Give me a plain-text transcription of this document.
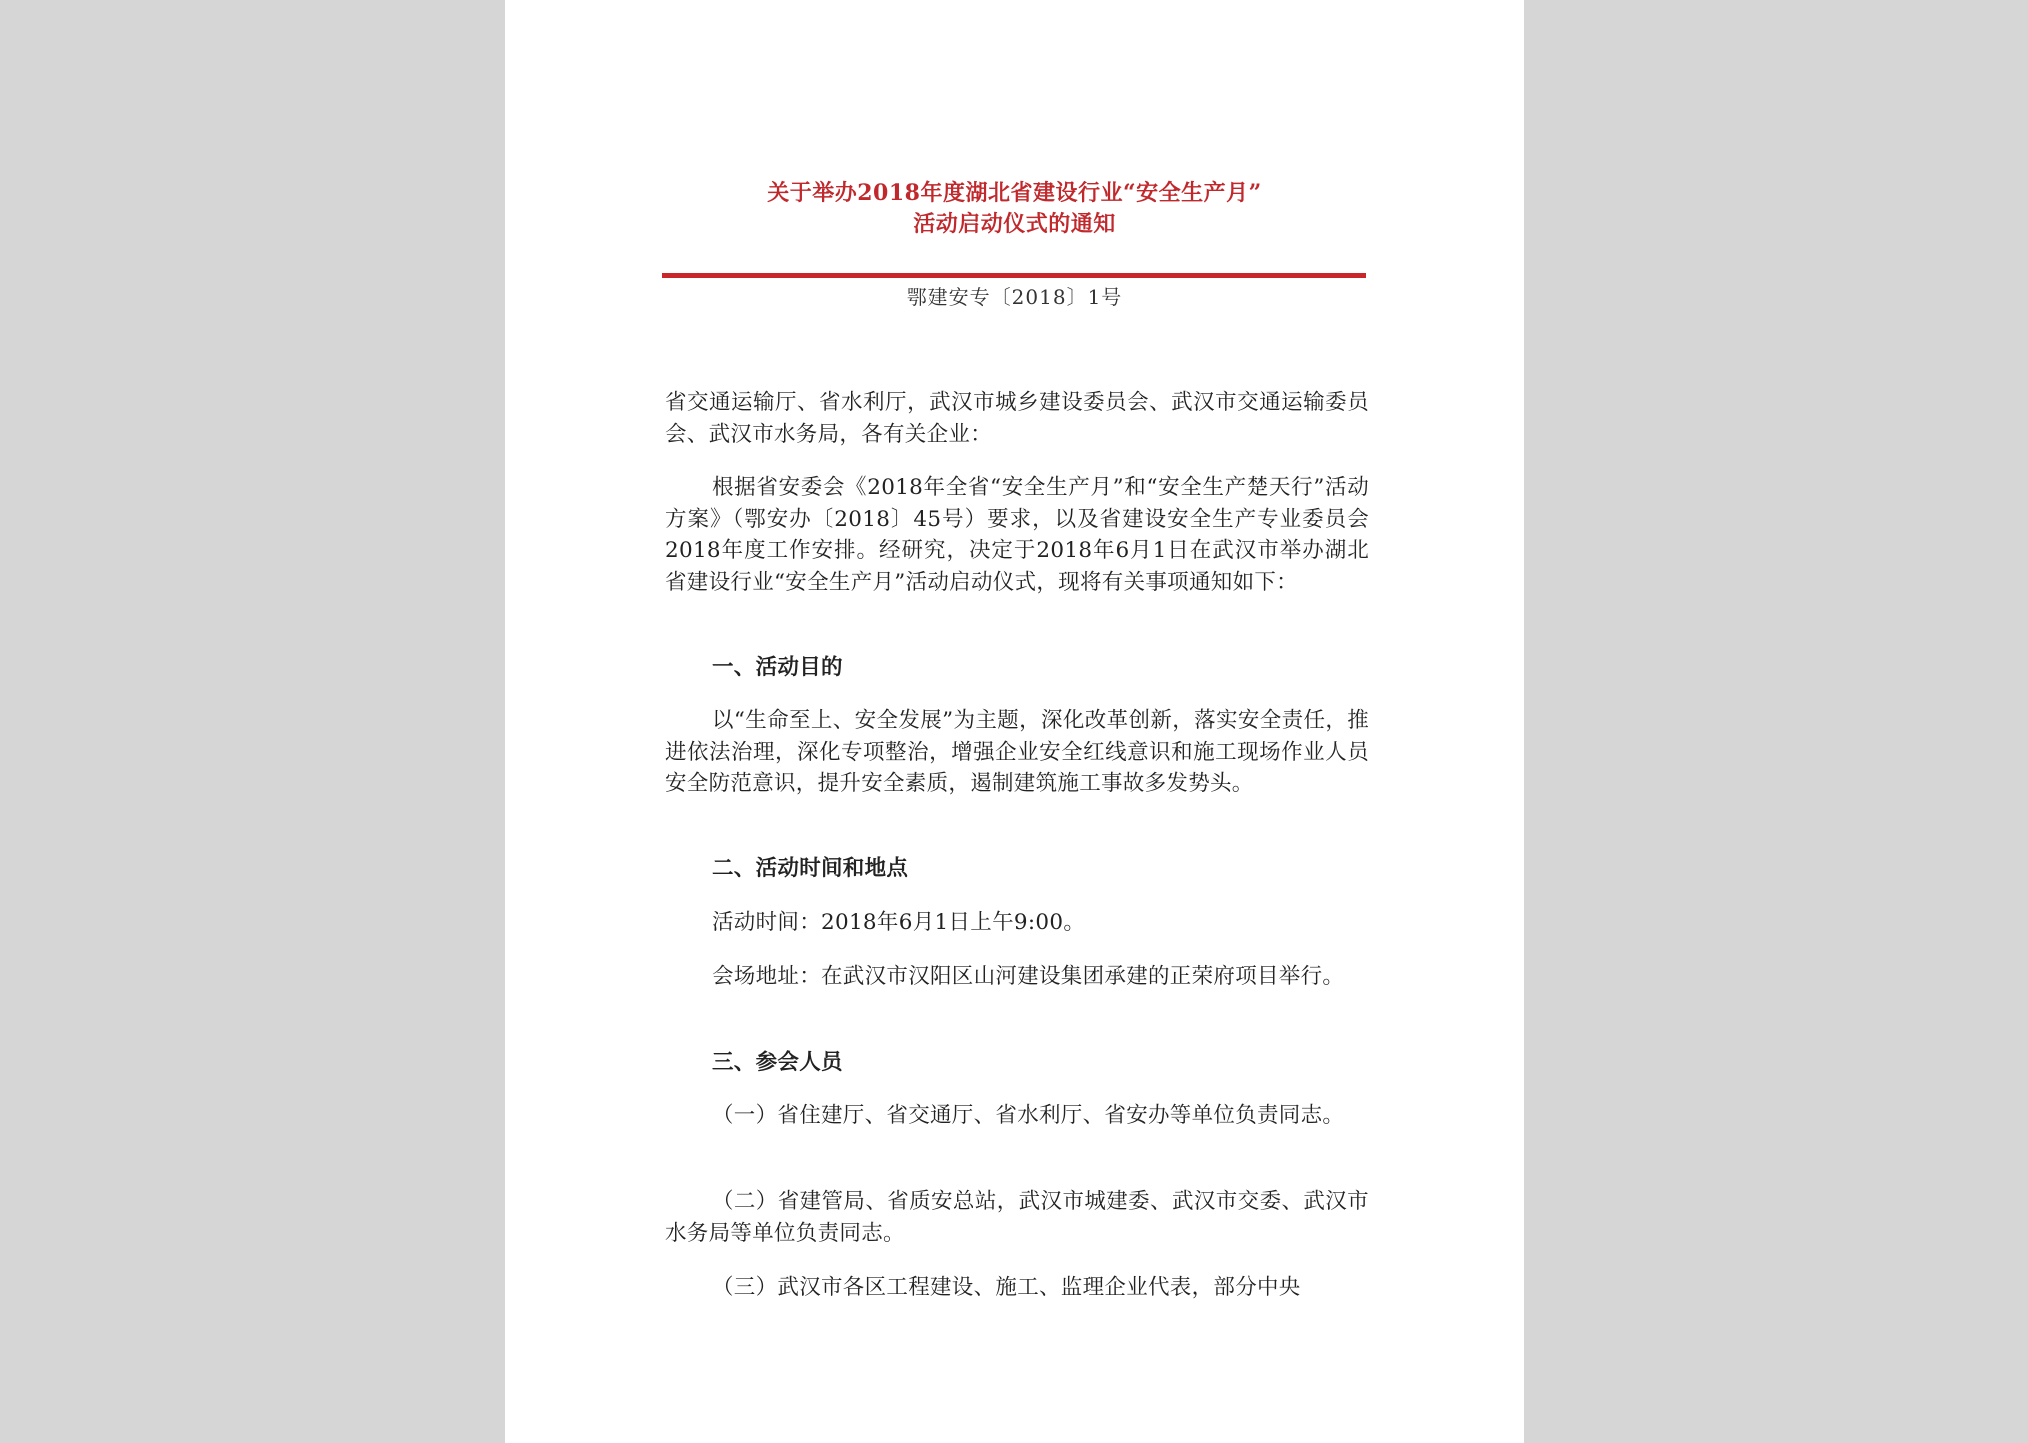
关于举办2018年度湖北省建设行业“安全生产月”
活动启动仪式的通知
鄂建安专〔2018〕1号

省交通运输厅、省水利厅，武汉市城乡建设委员会、武汉市交通运输委员会、武汉市水务局，各有关企业：

根据省安委会《2018年全省“安全生产月”和“安全生产楚天行”活动方案》（鄂安办〔2018〕45号）要求，以及省建设安全生产专业委员会2018年度工作安排。经研究，决定于2018年6月1日在武汉市举办湖北省建设行业“安全生产月”活动启动仪式，现将有关事项通知如下：

一、活动目的

以“生命至上、安全发展”为主题，深化改革创新，落实安全责任，推进依法治理，深化专项整治，增强企业安全红线意识和施工现场作业人员安全防范意识，提升安全素质，遏制建筑施工事故多发势头。

二、活动时间和地点

活动时间：2018年6月1日上午9:00。

会场地址：在武汉市汉阳区山河建设集团承建的正荣府项目举行。

三、参会人员

（一）省住建厅、省交通厅、省水利厅、省安办等单位负责同志。

（二）省建管局、省质安总站，武汉市城建委、武汉市交委、武汉市水务局等单位负责同志。

（三）武汉市各区工程建设、施工、监理企业代表，部分中央
